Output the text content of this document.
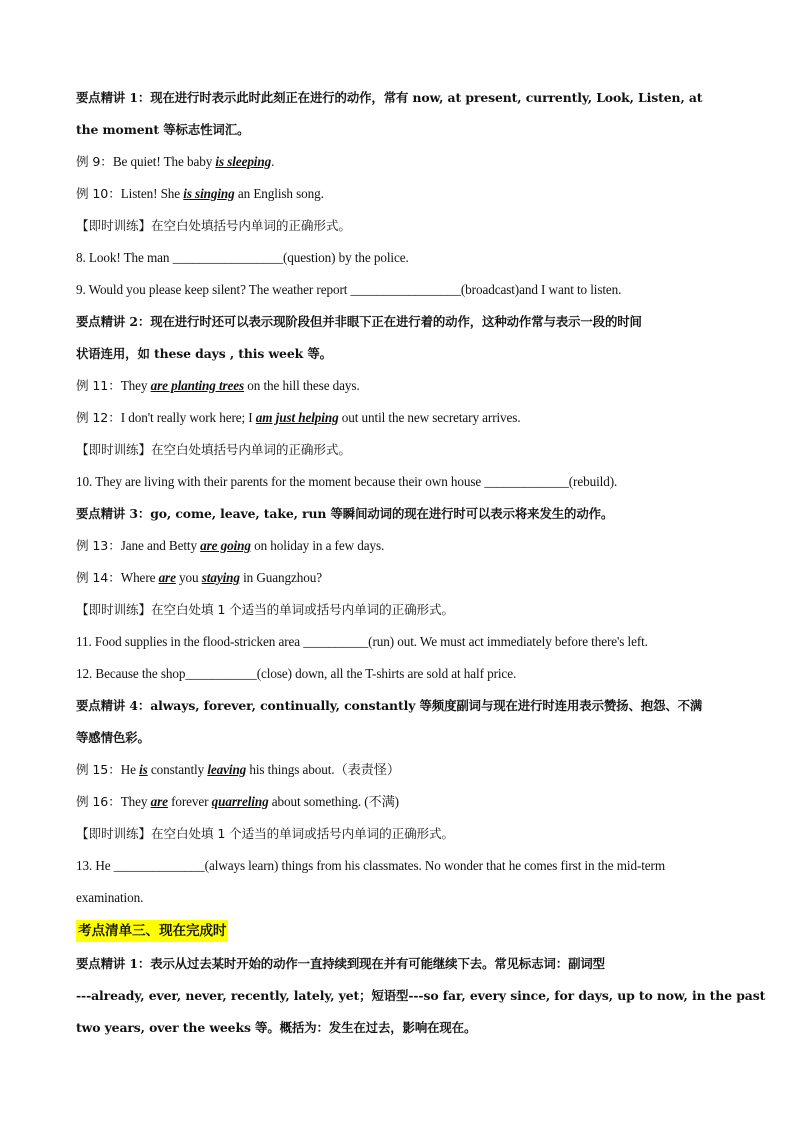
要点精讲 1：现在进行时表示此时此刻正在进行的动作，常有 now, at present, currently, Look, Listen, at
the moment 等标志性词汇。
例 9：Be quiet! The baby is sleeping.
例 10：Listen! She is singing an English song.
【即时训练】在空白处填括号内单词的正确形式。
8. Look! The man _________________(question) by the police.
9. Would you please keep silent? The weather report _________________(broadcast)and I want to listen.
要点精讲 2：现在进行时还可以表示现阶段但并非眼下正在进行着的动作，这种动作常与表示一段的时间
状语连用，如 these days , this week 等。
例 11：They are planting trees on the hill these days.
例 12：I don't really work here; I am just helping out until the new secretary arrives.
【即时训练】在空白处填括号内单词的正确形式。
10. They are living with their parents for the moment because their own house _____________(rebuild).
要点精讲 3：go, come, leave, take, run 等瞬间动词的现在进行时可以表示将来发生的动作。
例 13：Jane and Betty are going on holiday in a few days.
例 14：Where are you staying in Guangzhou?
【即时训练】在空白处填 1 个适当的单词或括号内单词的正确形式。
11. Food supplies in the flood-stricken area __________(run) out. We must act immediately before there's left.
12. Because the shop___________(close) down, all the T-shirts are sold at half price.
要点精讲 4：always, forever, continually, constantly 等频度副词与现在进行时连用表示赞扬、抱怨、不满
等感情色彩。
例 15：He is constantly leaving his things about.（表责怪）
例 16：They are forever quarreling about something. (不满)
【即时训练】在空白处填 1 个适当的单词或括号内单词的正确形式。
13. He ______________(always learn) things from his classmates. No wonder that he comes first in the mid-term
examination.
考点清单三、现在完成时
要点精讲 1：表示从过去某时开始的动作一直持续到现在并有可能继续下去。常见标志词：副词型
---already, ever, never, recently, lately, yet；短语型---so far, every since, for days, up to now, in the past
two years, over the weeks 等。概括为：发生在过去，影响在现在。
